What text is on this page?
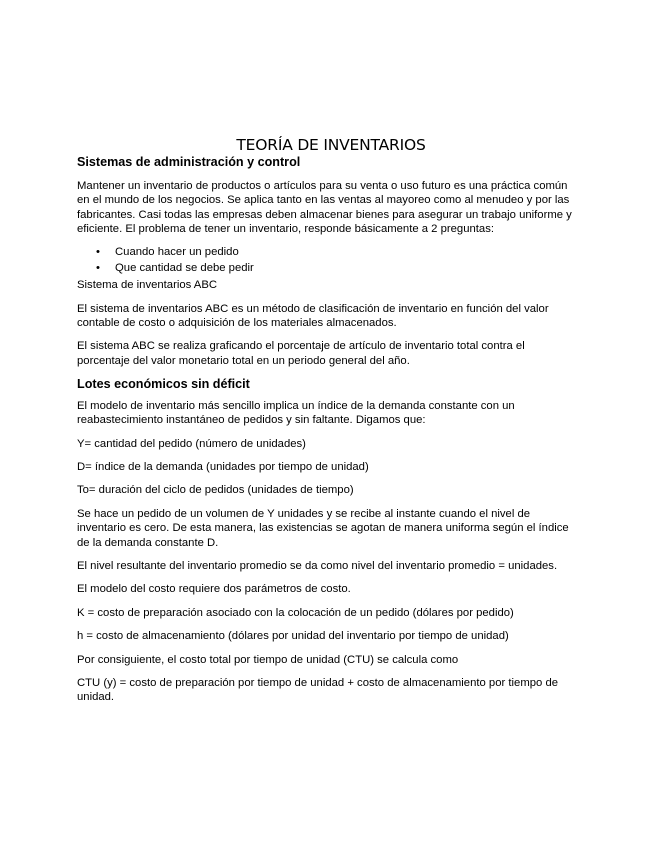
TEORÍA DE INVENTARIOS
Sistemas de administración y control

Mantener un inventario de productos o artículos para su venta o uso futuro es una práctica común en el mundo de los negocios. Se aplica tanto en las ventas al mayoreo como al menudeo y por las fabricantes. Casi todas las empresas deben almacenar bienes para asegurar un trabajo uniforme y eficiente. El problema de tener un inventario, responde básicamente a 2 preguntas:

• Cuando hacer un pedido
• Que cantidad se debe pedir

Sistema de inventarios ABC

El sistema de inventarios ABC es un método de clasificación de inventario en función del valor contable de costo o adquisición de los materiales almacenados.

El sistema ABC se realiza graficando el porcentaje de artículo de inventario total contra el porcentaje del valor monetario total en un periodo general del año.

Lotes económicos sin déficit

El modelo de inventario más sencillo implica un índice de la demanda constante con un reabastecimiento instantáneo de pedidos y sin faltante. Digamos que:

Y= cantidad del pedido (número de unidades)

D= índice de la demanda (unidades por tiempo de unidad)

To= duración del ciclo de pedidos (unidades de tiempo)

Se hace un pedido de un volumen de Y unidades y se recibe al instante cuando el nivel de inventario es cero. De esta manera, las existencias se agotan de manera uniforma según el índice de la demanda constante D.

El nivel resultante del inventario promedio se da como nivel del inventario promedio = unidades.

El modelo del costo requiere dos parámetros de costo.

K = costo de preparación asociado con la colocación de un pedido (dólares por pedido)

h = costo de almacenamiento (dólares por unidad del inventario por tiempo de unidad)

Por consiguiente, el costo total por tiempo de unidad (CTU) se calcula como

CTU (y) = costo de preparación por tiempo de unidad + costo de almacenamiento por tiempo de unidad.
